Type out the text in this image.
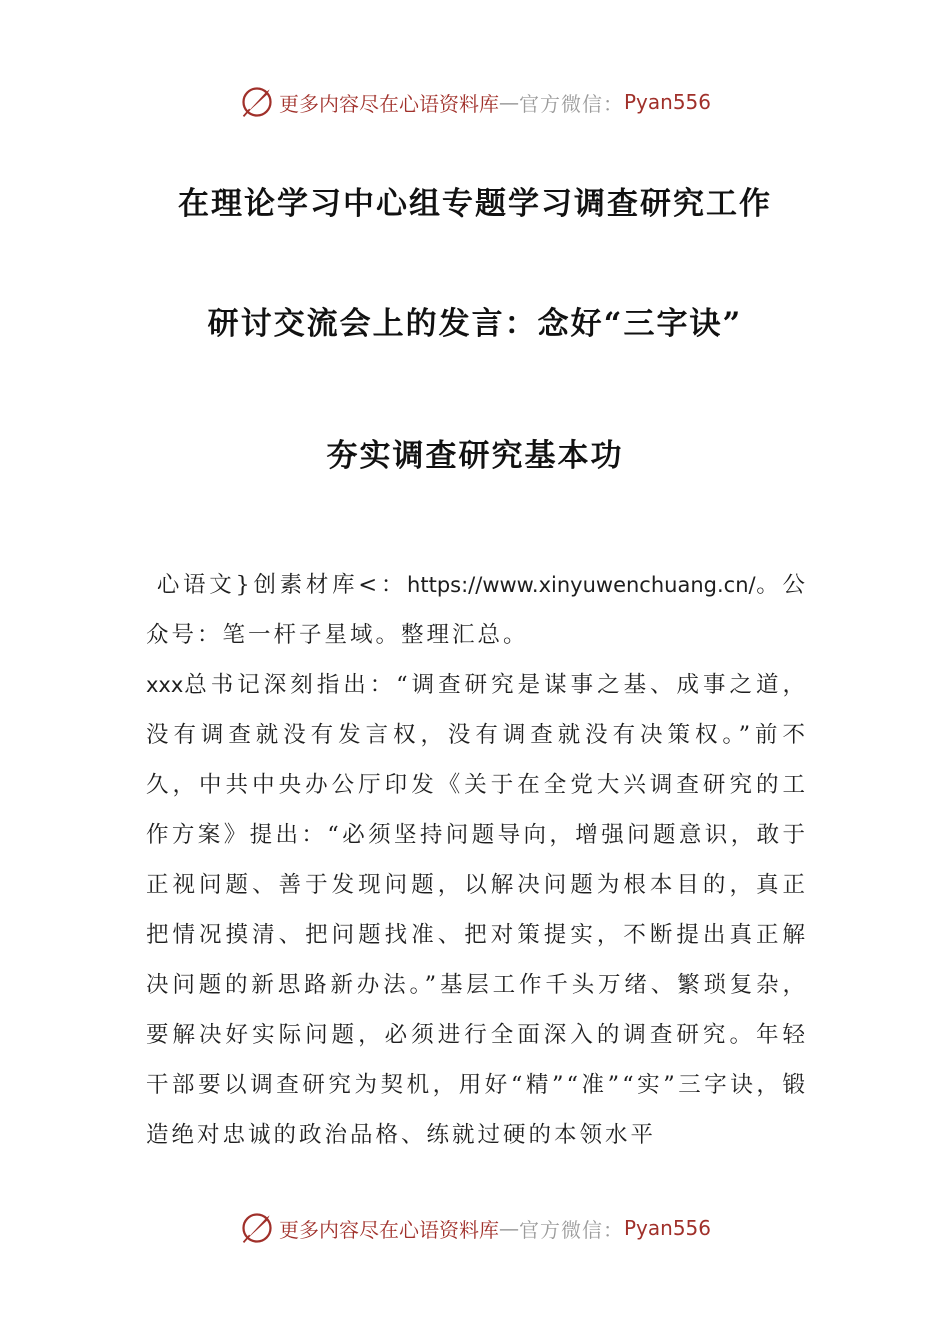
更多内容尽在心语资料库 — 官方微信： Pyan556
在理论学习中心组专题学习调查研究工作
研讨交流会上的发言：念好“三字诀”
夯实调查研究基本功

心语文}创素材库<：https://www.xinyuwenchuang.cn/。公众号：笔一杆子星域。整理汇总。

xxx总书记深刻指出：“调查研究是谋事之基、成事之道，没有调查就没有发言权，没有调查就没有决策权。”前不久，中共中央办公厅印发《关于在全党大兴调查研究的工作方案》提出：“必须坚持问题导向，增强问题意识，敢于正视问题、善于发现问题，以解决问题为根本目的，真正把情况摸清、把问题找准、把对策提实，不断提出真正解决问题的新思路新办法。”基层工作千头万绪、繁琐复杂，要解决好实际问题，必须进行全面深入的调查研究。年轻干部要以调查研究为契机，用好“精”“准”“实”三字诀，锻造绝对忠诚的政治品格、练就过硬的本领水平

更多内容尽在心语资料库 — 官方微信： Pyan556
